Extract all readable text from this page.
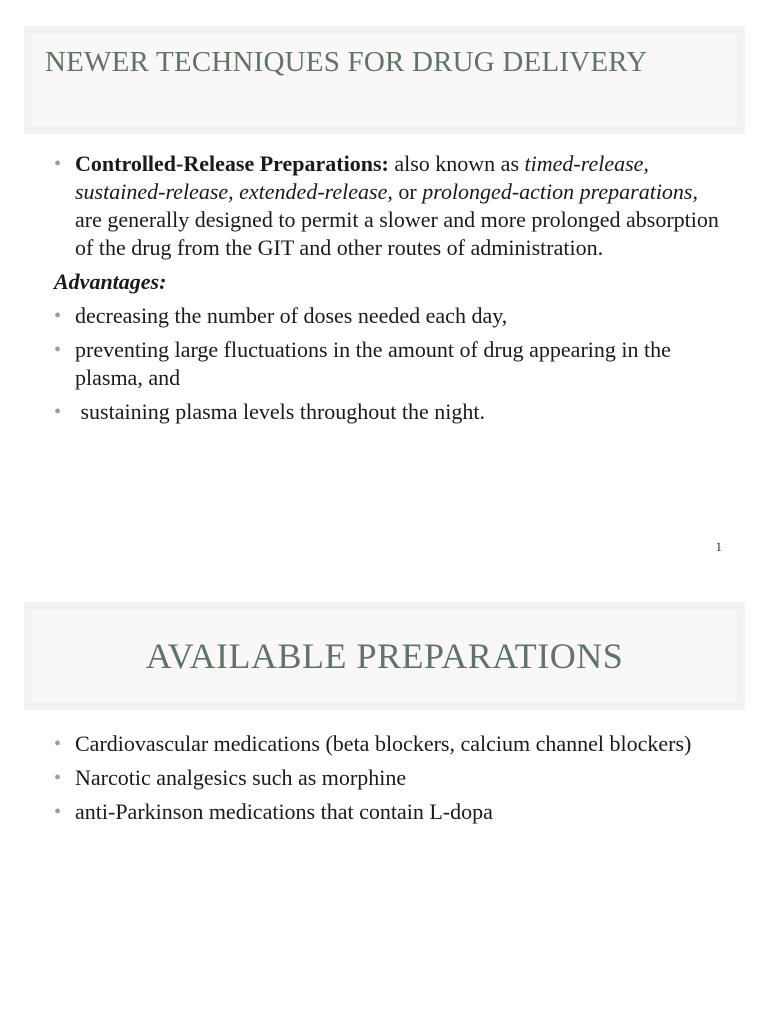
NEWER TECHNIQUES FOR DRUG DELIVERY
• Controlled-Release Preparations: also known as timed-release, sustained-release, extended-release, or prolonged-action preparations, are generally designed to permit a slower and more prolonged absorption of the drug from the GIT and other routes of administration.
Advantages:
• decreasing the number of doses needed each day,
• preventing large fluctuations in the amount of drug appearing in the plasma, and
• sustaining plasma levels throughout the night.
1
AVAILABLE PREPARATIONS
• Cardiovascular medications (beta blockers, calcium channel blockers)
• Narcotic analgesics such as morphine
• anti-Parkinson medications that contain L-dopa
